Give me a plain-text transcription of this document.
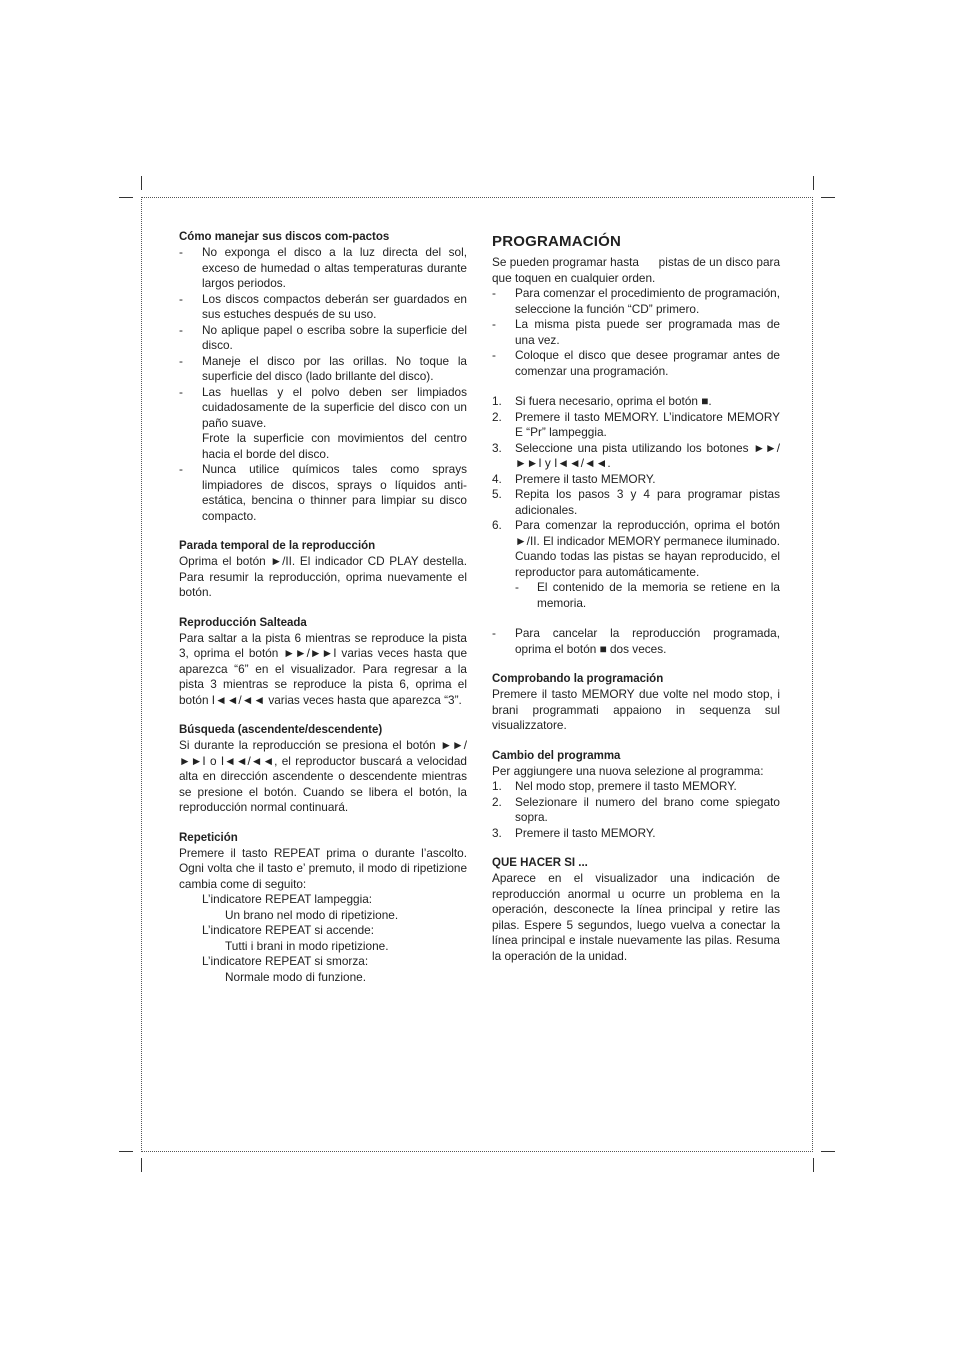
Cómo manejar sus discos com-pactos
- No exponga el disco a la luz directa del sol, exceso de humedad o altas temperaturas durante largos periodos.
- Los discos compactos deberán ser guardados en sus estuches después de su uso.
- No aplique papel o escriba sobre la superficie del disco.
- Maneje el disco por las orillas. No toque la superficie del disco (lado brillante del disco).
- Las huellas y el polvo deben ser limpiados cuidadosamente de la superficie del disco con un paño suave.

Frote la superficie con movimientos del centro hacia el borde del disco.

- Nunca utilice químicos tales como sprays limpiadores de discos, sprays o líquidos anti-estática, bencina o thinner para limpiar su disco compacto.
Parada temporal de la reproducción

Oprima el botón ►/II. El indicador CD PLAY destella. Para resumir la reproducción, oprima nuevamente el botón.

Reproducción Salteada

Para saltar a la pista 6 mientras se reproduce la pista 3, oprima el botón ►►/►►I varias veces hasta que aparezca “6” en el visualizador. Para regresar a la pista 3 mientras se reproduce la pista 6, oprima el botón I◄◄/◄◄ varias veces hasta que aparezca “3”.

Búsqueda (ascendente/descendente)

Si durante la reproducción se presiona el botón ►►/►►I o I◄◄/◄◄, el reproductor buscará a velocidad alta en dirección ascendente o descendente mientras se presione el botón. Cuando se libera el botón, la reproducción normal continuará.

Repetición

Premere il tasto REPEAT prima o durante l’ascolto. Ogni volta che il tasto e’ premuto, il modo di ripetizione cambia come di seguito:

L’indicatore REPEAT lampeggia:

Un brano nel modo di ripetizione.

L’indicatore REPEAT si accende:

Tutti i brani in modo ripetizione.

L’indicatore REPEAT si smorza:

Normale modo di funzione.

PROGRAMACIÓN

Se pueden programar hasta      pistas de un disco para que toquen en cualquier orden.

- Para comenzar el procedimiento de programación, seleccione la función “CD” primero.
- La misma pista puede ser programada mas de una vez.
- Coloque el disco que desee programar antes de comenzar una programación.
1. Si fuera necesario, oprima el botón ■.
2. Premere il tasto MEMORY. L’indicatore MEMORY E “Pr” lampeggia.
3. Seleccione una pista utilizando los botones ►►/►►I y I◄◄/◄◄.
4. Premere il tasto MEMORY.
5. Repita los pasos 3 y 4 para programar pistas adicionales.
6. Para comenzar la reproducción, oprima el botón ►/II. El indicador MEMORY permanece iluminado. Cuando todas las pistas se hayan reproducido, el reproductor para automáticamente.
- El contenido de la memoria se retiene en la memoria.
- Para cancelar la reproducción programada, oprima el botón ■ dos veces.
Comprobando la programación

Premere il tasto MEMORY due volte nel modo stop, i brani programmati appaiono in sequenza sul visualizzatore.

Cambio del programma

Per aggiungere una nuova selezione al programma:

1. Nel modo stop, premere il tasto MEMORY.
2. Selezionare il numero del brano come spiegato sopra.
3. Premere il tasto MEMORY.
QUE HACER SI ...

Aparece en el visualizador una indicación de reproducción anormal u ocurre un problema en la operación, desconecte la línea principal y retire las pilas. Espere 5 segundos, luego vuelva a conectar la línea principal e instale nuevamente las pilas. Resuma la operación de la unidad.
